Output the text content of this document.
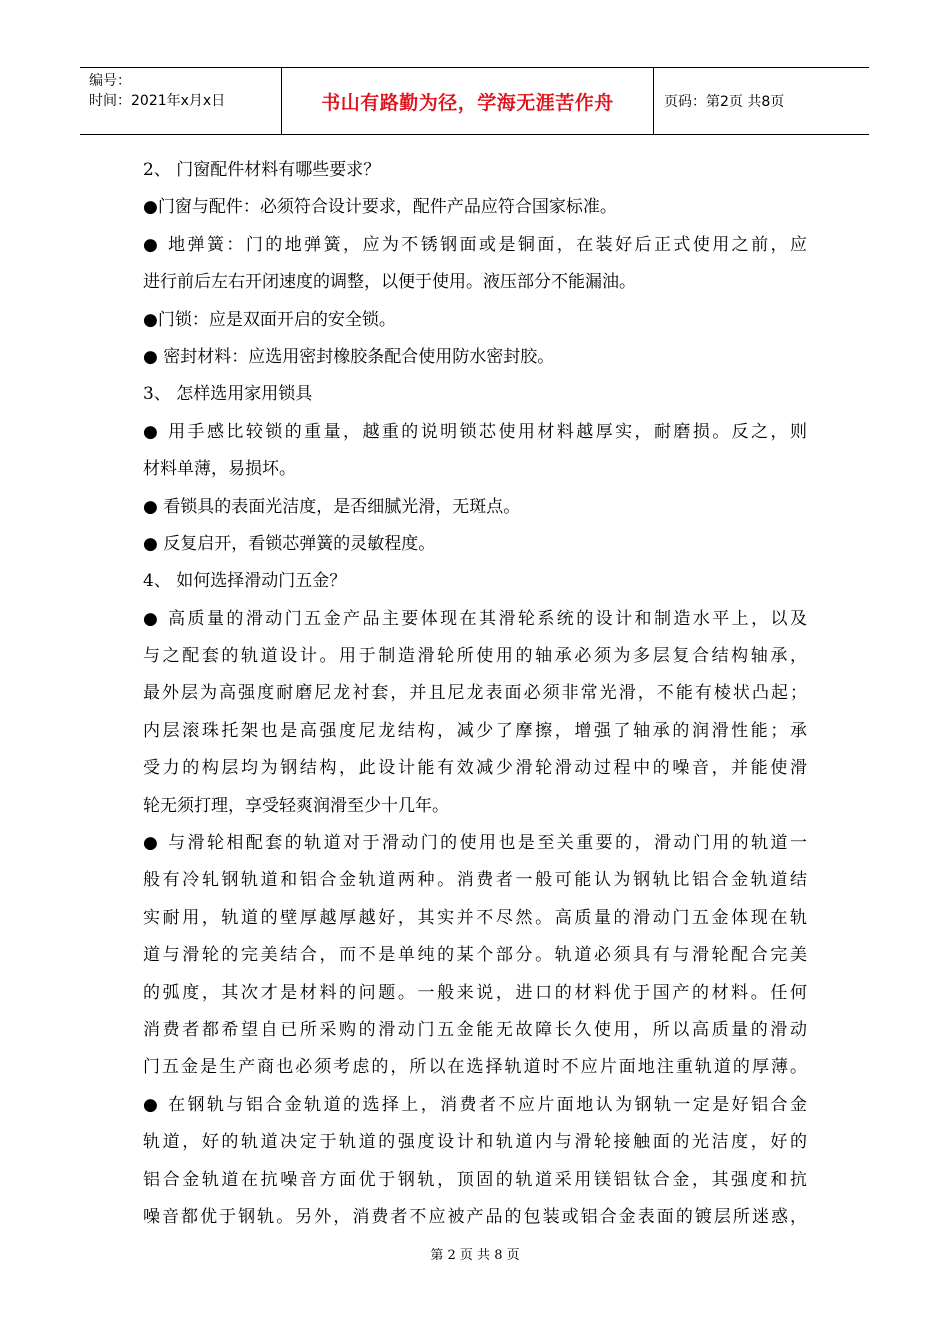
编号：
时间：2021年x月x日	书山有路勤为径，学海无涯苦作舟	页码：第2页 共8页
2、 门窗配件材料有哪些要求？
●门窗与配件：必须符合设计要求，配件产品应符合国家标准。
● 地弹簧：门的地弹簧，应为不锈钢面或是铜面，在装好后正式使用之前，应
进行前后左右开闭速度的调整，以便于使用。液压部分不能漏油。
●门锁：应是双面开启的安全锁。
● 密封材料：应选用密封橡胶条配合使用防水密封胶。
3、 怎样选用家用锁具
● 用手感比较锁的重量，越重的说明锁芯使用材料越厚实，耐磨损。反之，则
材料单薄，易损坏。
● 看锁具的表面光洁度，是否细腻光滑，无斑点。
● 反复启开，看锁芯弹簧的灵敏程度。
4、 如何选择滑动门五金？
● 高质量的滑动门五金产品主要体现在其滑轮系统的设计和制造水平上，以及
与之配套的轨道设计。用于制造滑轮所使用的轴承必须为多层复合结构轴承，
最外层为高强度耐磨尼龙衬套，并且尼龙表面必须非常光滑，不能有棱状凸起；
内层滚珠托架也是高强度尼龙结构，减少了摩擦，增强了轴承的润滑性能；承
受力的构层均为钢结构，此设计能有效减少滑轮滑动过程中的噪音，并能使滑
轮无须打理，享受轻爽润滑至少十几年。
● 与滑轮相配套的轨道对于滑动门的使用也是至关重要的，滑动门用的轨道一
般有冷轧钢轨道和铝合金轨道两种。消费者一般可能认为钢轨比铝合金轨道结
实耐用，轨道的壁厚越厚越好，其实并不尽然。高质量的滑动门五金体现在轨
道与滑轮的完美结合，而不是单纯的某个部分。轨道必须具有与滑轮配合完美
的弧度，其次才是材料的问题。一般来说，进口的材料优于国产的材料。任何
消费者都希望自已所采购的滑动门五金能无故障长久使用，所以高质量的滑动
门五金是生产商也必须考虑的，所以在选择轨道时不应片面地注重轨道的厚薄。
● 在钢轨与铝合金轨道的选择上，消费者不应片面地认为钢轨一定是好铝合金
轨道，好的轨道决定于轨道的强度设计和轨道内与滑轮接触面的光洁度，好的
铝合金轨道在抗噪音方面优于钢轨，顶固的轨道采用镁铝钛合金，其强度和抗
噪音都优于钢轨。另外，消费者不应被产品的包装或铝合金表面的镀层所迷惑，
第 2 页 共 8 页
